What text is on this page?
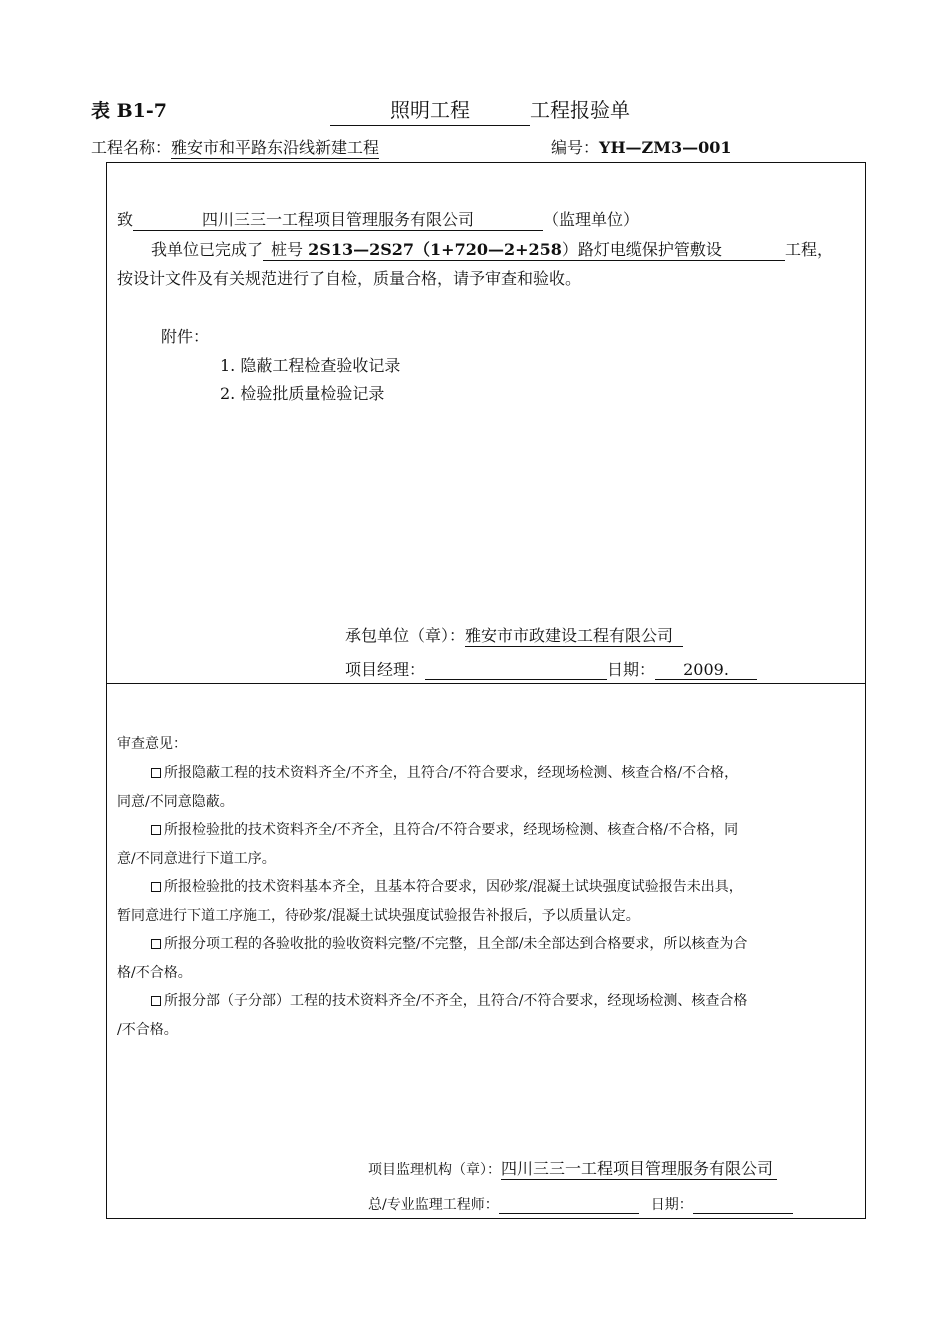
表 B1-7	照明工程	工程报验单
工程名称：雅安市和平路东沿线新建工程	编号：YH—ZM3—001
致	四川三三一工程项目管理服务有限公司	（监理单位）
我单位已完成了 桩号 2S13—2S27（1+720—2+258）路灯电缆保护管敷设	工程，
按设计文件及有关规范进行了自检，质量合格，请予审查和验收。
附件：
1. 隐蔽工程检查验收记录
2. 检验批质量检验记录
承包单位（章）：雅安市市政建设工程有限公司
项目经理：	日期： 2009.
审查意见：
所报隐蔽工程的技术资料齐全/不齐全，且符合/不符合要求，经现场检测、核查合格/不合格，
同意/不同意隐蔽。
所报检验批的技术资料齐全/不齐全，且符合/不符合要求，经现场检测、核查合格/不合格，同
意/不同意进行下道工序。
所报检验批的技术资料基本齐全，且基本符合要求，因砂浆/混凝土试块强度试验报告未出具，
暂同意进行下道工序施工，待砂浆/混凝土试块强度试验报告补报后，予以质量认定。
所报分项工程的各验收批的验收资料完整/不完整，且全部/未全部达到合格要求，所以核查为合
格/不合格。
所报分部（子分部）工程的技术资料齐全/不齐全，且符合/不符合要求，经现场检测、核查合格
/不合格。
项目监理机构（章）：四川三三一工程项目管理服务有限公司
总/专业监理工程师：	日期：
